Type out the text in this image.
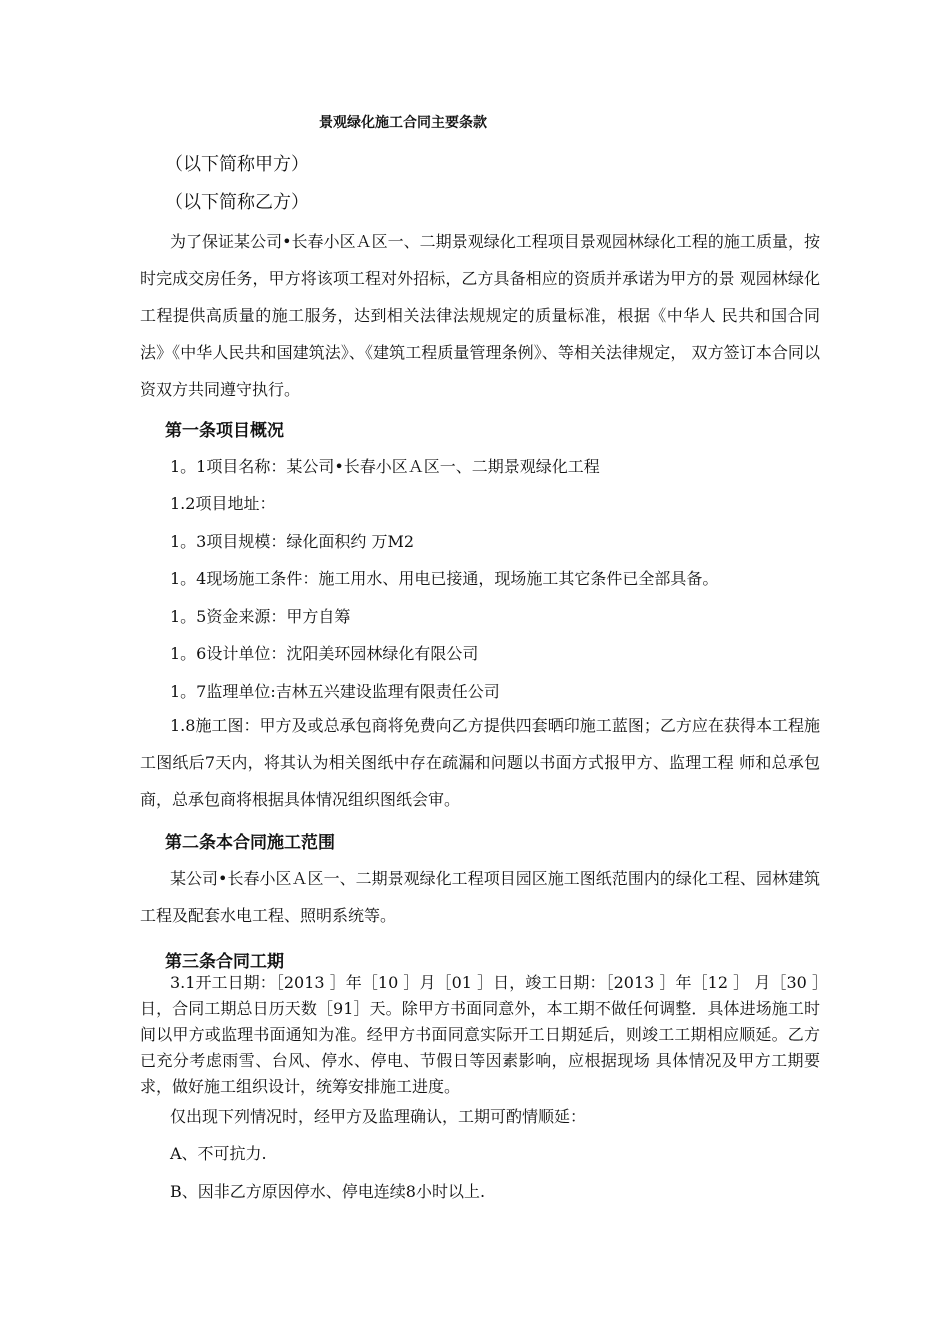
景观绿化施工合同主要条款
（以下简称甲方）
（以下简称乙方）

为了保证某公司•长春小区Ａ区一、二期景观绿化工程项目景观园林绿化工程的施工质量，按时完成交房任务，甲方将该项工程对外招标，乙方具备相应的资质并承诺为甲方的景 观园林绿化工程提供高质量的施工服务，达到相关法律法规规定的质量标准，根据《中华人 民共和国合同法》《中华人民共和国建筑法》、《建筑工程质量管理条例》、等相关法律规定， 双方签订本合同以资双方共同遵守执行。

第一条项目概况
1。1项目名称：某公司•长春小区Ａ区一、二期景观绿化工程
1.2项目地址：
1。3项目规模：绿化面积约 万M2
1。4现场施工条件：施工用水、用电已接通，现场施工其它条件已全部具备。
1。5资金来源：甲方自筹
1。6设计单位：沈阳美环园林绿化有限公司
1。7监理单位:吉林五兴建设监理有限责任公司

1.8施工图：甲方及或总承包商将免费向乙方提供四套晒印施工蓝图；乙方应在获得本工程施工图纸后7天内，将其认为相关图纸中存在疏漏和问题以书面方式报甲方、监理工程 师和总承包商，总承包商将根据具体情况组织图纸会审。

第二条本合同施工范围

某公司•长春小区Ａ区一、二期景观绿化工程项目园区施工图纸范围内的绿化工程、园林建筑工程及配套水电工程、照明系统等。

第三条合同工期

3.1开工日期：［2013 ］年［10 ］月［01 ］日，竣工日期：［2013 ］年［12 ］ 月［30 ］日，合同工期总日历天数［91］天。除甲方书面同意外，本工期不做任何调整．具体进场施工时间以甲方或监理书面通知为准。经甲方书面同意实际开工日期延后，则竣工工期相应顺延。乙方已充分考虑雨雪、台风、停水、停电、节假日等因素影响，应根据现场 具体情况及甲方工期要求，做好施工组织设计，统筹安排施工进度。

仅出现下列情况时，经甲方及监理确认，工期可酌情顺延：
A、不可抗力.
B、因非乙方原因停水、停电连续8小时以上.
